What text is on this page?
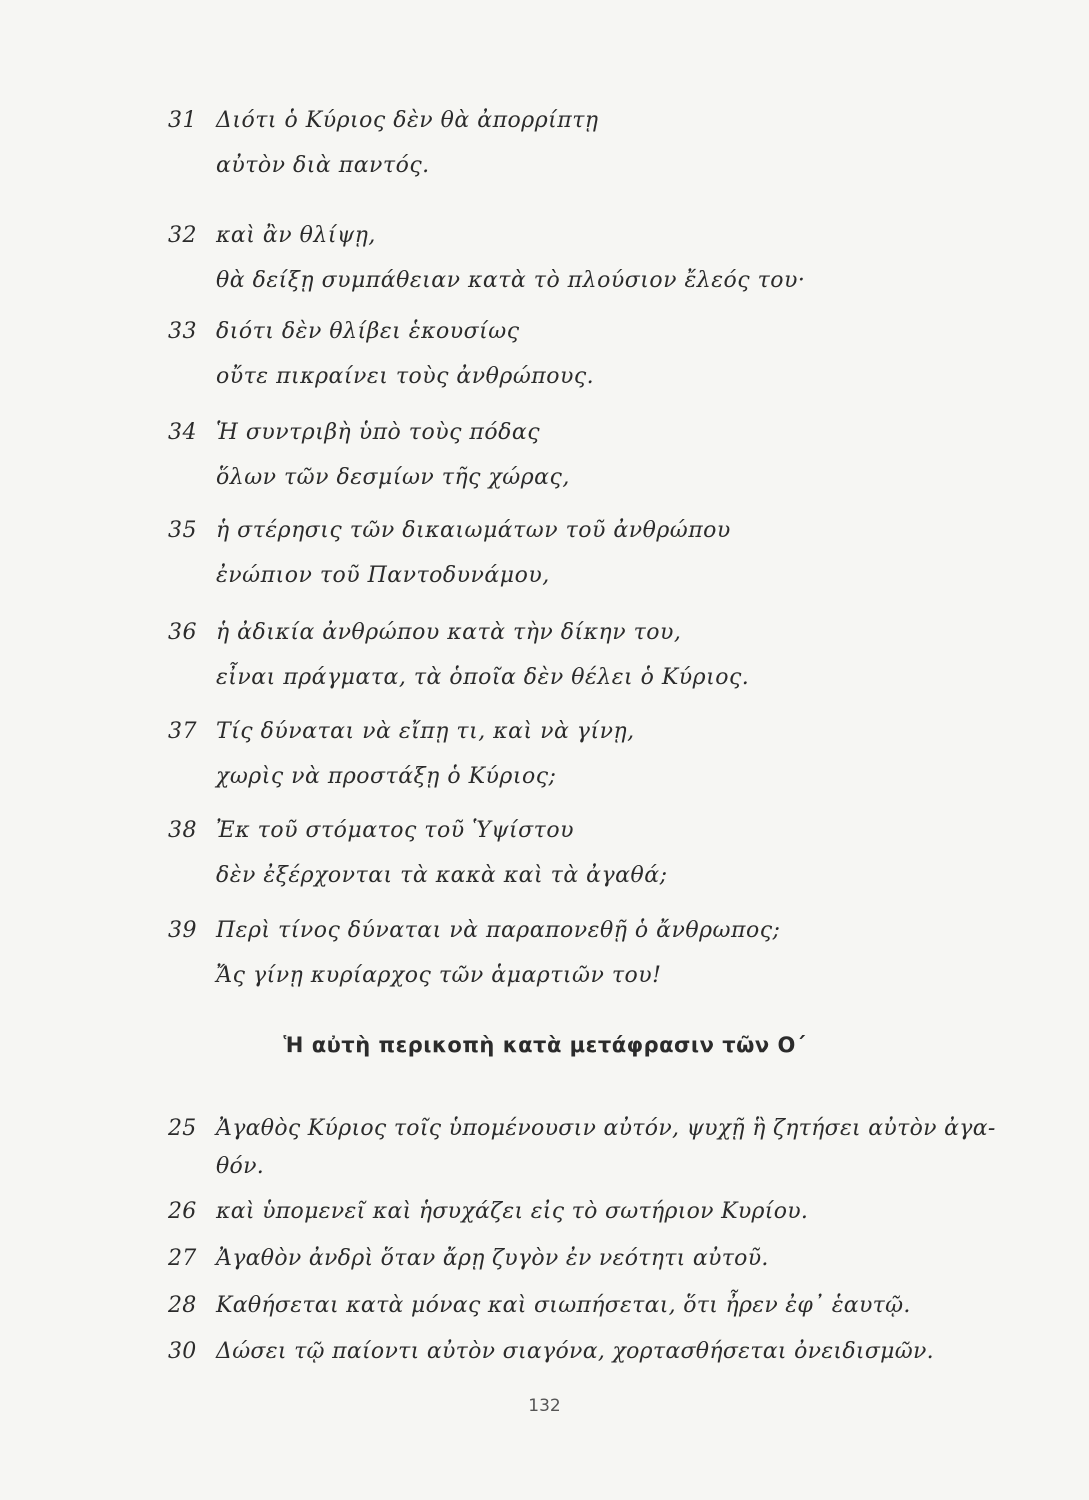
31 Διότι ὁ Κύριος δὲν θὰ ἀπορρίπτῃ
αὐτὸν διὰ παντός.
32 καὶ ἂν θλίψῃ,
θὰ δείξῃ συμπάθειαν κατὰ τὸ πλούσιον ἔλεός του·
33 διότι δὲν θλίβει ἑκουσίως
οὔτε πικραίνει τοὺς ἀνθρώπους.
34 Ἡ συντριβὴ ὑπὸ τοὺς πόδας
ὅλων τῶν δεσμίων τῆς χώρας,
35 ἡ στέρησις τῶν δικαιωμάτων τοῦ ἀνθρώπου
ἐνώπιον τοῦ Παντοδυνάμου,
36 ἡ ἀδικία ἀνθρώπου κατὰ τὴν δίκην του,
εἶναι πράγματα, τὰ ὁποῖα δὲν θέλει ὁ Κύριος.
37 Τίς δύναται νὰ εἴπῃ τι, καὶ νὰ γίνῃ,
χωρὶς νὰ προστάξῃ ὁ Κύριος;
38 Ἐκ τοῦ στόματος τοῦ Ὑψίστου
δὲν ἐξέρχονται τὰ κακὰ καὶ τὰ ἀγαθά;
39 Περὶ τίνος δύναται νὰ παραπονεθῇ ὁ ἄνθρωπος;
Ἄς γίνῃ κυρίαρχος τῶν ἁμαρτιῶν του!
Ἡ αὐτὴ περικοπὴ κατὰ μετάφρασιν τῶν Ο΄
25 Ἀγαθὸς Κύριος τοῖς ὑπομένουσιν αὐτόν, ψυχῇ ἣ ζητήσει αὐτὸν ἀγα-
θόν.
26 καὶ ὑπομενεῖ καὶ ἡσυχάζει εἰς τὸ σωτήριον Κυρίου.
27 Ἀγαθὸν ἀνδρὶ ὅταν ἄρῃ ζυγὸν ἐν νεότητι αὐτοῦ.
28 Καθήσεται κατὰ μόνας καὶ σιωπήσεται, ὅτι ἦρεν ἐφ᾿ ἑαυτῷ.
30 Δώσει τῷ παίοντι αὐτὸν σιαγόνα, χορτασθήσεται ὀνειδισμῶν.
132
